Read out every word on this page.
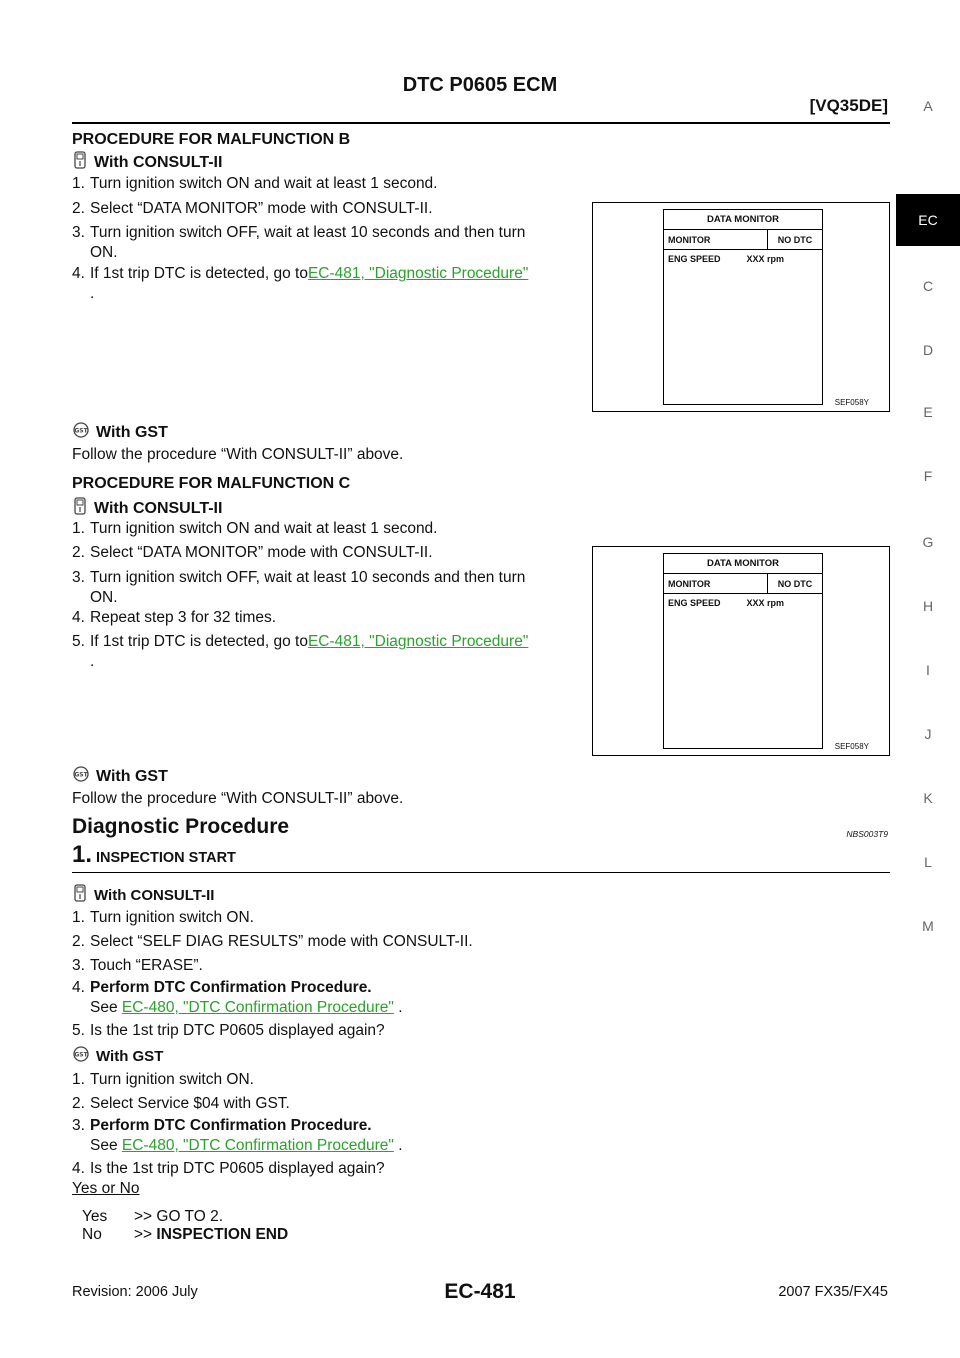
DTC P0605 ECM
[VQ35DE]	A
EC
C
D
E
F
G
H
I
J
K
L
M
PROCEDURE FOR MALFUNCTION B
With CONSULT-II
1. Turn ignition switch ON and wait at least 1 second.
2. Select “DATA MONITOR” mode with CONSULT-II.
3. Turn ignition switch OFF, wait at least 10 seconds and then turn
ON.
4. If 1st trip DTC is detected, go toEC-481, "Diagnostic Procedure"
.
DATA MONITOR
MONITOR	NO DTC
ENG SPEED	XXX rpm
SEF058Y
GST With GST
Follow the procedure “With CONSULT-II” above.
PROCEDURE FOR MALFUNCTION C
With CONSULT-II
1. Turn ignition switch ON and wait at least 1 second.
2. Select “DATA MONITOR” mode with CONSULT-II.
3. Turn ignition switch OFF, wait at least 10 seconds and then turn
ON.
4. Repeat step 3 for 32 times.
5. If 1st trip DTC is detected, go toEC-481, "Diagnostic Procedure"
.
DATA MONITOR
MONITOR	NO DTC
ENG SPEED	XXX rpm
SEF058Y
GST With GST
Follow the procedure “With CONSULT-II” above.
Diagnostic Procedure	NBS003T9
1. INSPECTION START
With CONSULT-II
1. Turn ignition switch ON.
2. Select “SELF DIAG RESULTS” mode with CONSULT-II.
3. Touch “ERASE”.
4. Perform DTC Confirmation Procedure.
See EC-480, "DTC Confirmation Procedure" .
5. Is the 1st trip DTC P0605 displayed again?
GST With GST
1. Turn ignition switch ON.
2. Select Service $04 with GST.
3. Perform DTC Confirmation Procedure.
See EC-480, "DTC Confirmation Procedure" .
4. Is the 1st trip DTC P0605 displayed again?
Yes or No
Yes >> GO TO 2.
No >> INSPECTION END
Revision: 2006 July	EC-481	2007 FX35/FX45
